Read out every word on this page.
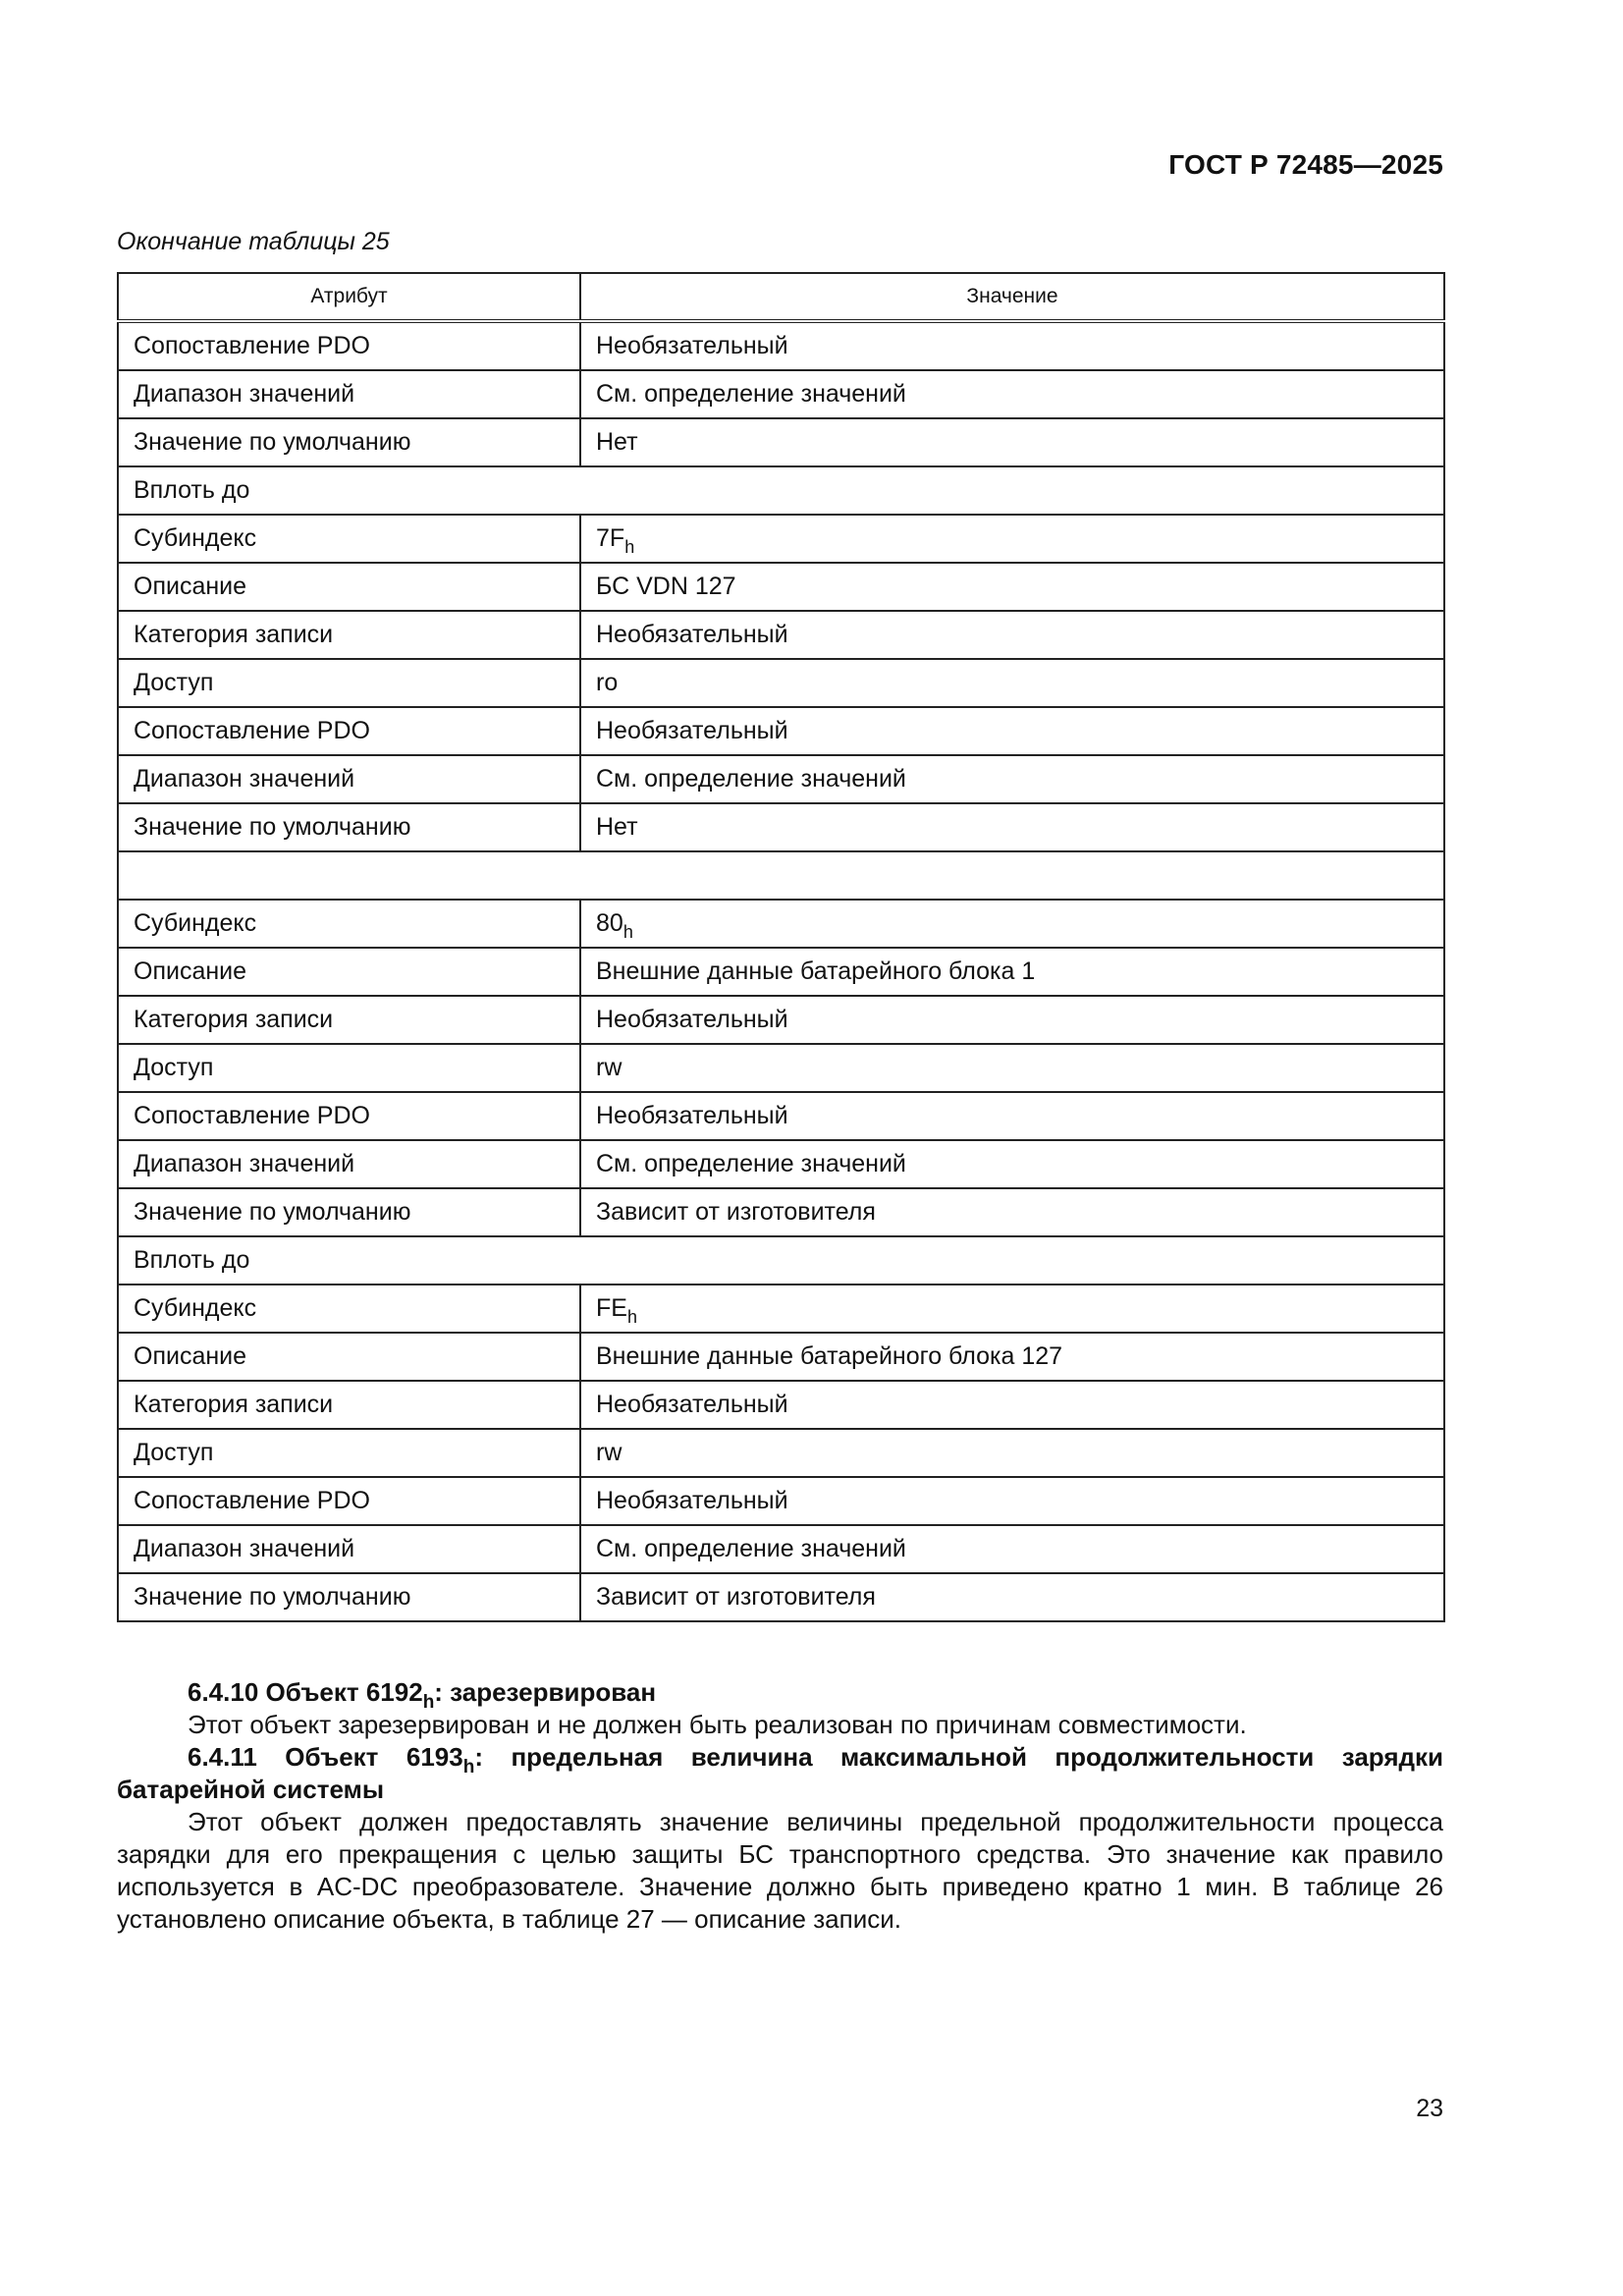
ГОСТ Р 72485—2025
Окончание таблицы 25
Атрибут	Значение
Сопоставление PDO	Необязательный
Диапазон значений	См. определение значений
Значение по умолчанию	Нет
Вплоть до	
Субиндекс	$7F_h$
Описание	БС VDN 127
Категория записи	Необязательный
Доступ	ro
Сопоставление PDO	Необязательный
Диапазон значений	См. определение значений
Значение по умолчанию	Нет

Субиндекс	$80_h$
Описание	Внешние данные батарейного блока 1
Категория записи	Необязательный
Доступ	rw
Сопоставление PDO	Необязательный
Диапазон значений	См. определение значений
Значение по умолчанию	Зависит от изготовителя
Вплоть до	
Субиндекс	$FE_h$
Описание	Внешние данные батарейного блока 127
Категория записи	Необязательный
Доступ	rw
Сопоставление PDO	Необязательный
Диапазон значений	См. определение значений
Значение по умолчанию	Зависит от изготовителя

6.4.10 Объект $6192_h$: зарезервирован

Этот объект зарезервирован и не должен быть реализован по причинам совместимости.

6.4.11 Объект $6193_h$: предельная величина максимальной продолжительности зарядки батарейной системы

Этот объект должен предоставлять значение величины предельной продолжительности процесса зарядки для его прекращения с целью защиты БС транспортного средства. Это значение как правило используется в AC-DC преобразователе. Значение должно быть приведено кратно 1 мин. В таблице 26 установлено описание объекта, в таблице 27 — описание записи.

23
